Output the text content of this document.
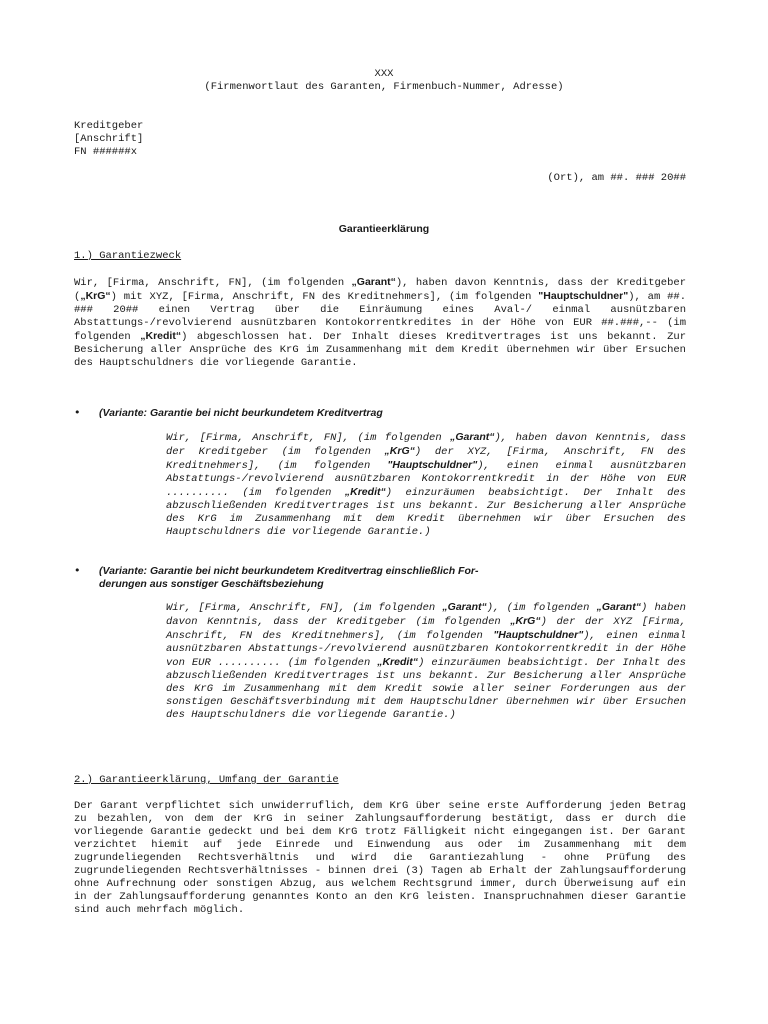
XXX
(Firmenwortlaut des Garanten, Firmenbuch-Nummer, Adresse)
Kreditgeber
[Anschrift]
FN ######x
(Ort), am ##. ### 20##
Garantieerklärung
1.) Garantiezweck
Wir, [Firma, Anschrift, FN], (im folgenden „Garant“), haben davon Kenntnis, dass der Kreditgeber („KrG“) mit XYZ, [Firma, Anschrift, FN des Kreditnehmers], (im folgenden "Hauptschuldner"), am ##. ### 20## einen Vertrag über die Einräumung eines Aval-/ einmal ausnützbaren Abstattungs-/revolvierend ausnützbaren Kontokorrentkredites in der Höhe von EUR ##.###,-- (im folgenden „Kredit“) abgeschlossen hat. Der Inhalt dieses Kreditvertrages ist uns bekannt. Zur Besicherung aller Ansprüche des KrG im Zusammenhang mit dem Kredit übernehmen wir über Ersuchen des Hauptschuldners die vorliegende Garantie.
• (Variante: Garantie bei nicht beurkundetem Kreditvertrag
Wir, [Firma, Anschrift, FN], (im folgenden „Garant“), haben davon Kenntnis, dass der Kreditgeber (im folgenden „KrG“) der XYZ, [Firma, Anschrift, FN des Kreditnehmers], (im folgenden "Hauptschuldner"), einen einmal ausnützbaren Abstattungs-/revolvierend ausnützbaren Kontokorrentkredit in der Höhe von EUR .......... (im folgenden „Kredit“) einzuräumen beabsichtigt. Der Inhalt des abzuschließenden Kreditvertrages ist uns bekannt. Zur Besicherung aller Ansprüche des KrG im Zusammenhang mit dem Kredit übernehmen wir über Ersuchen des Hauptschuldners die vorliegende Garantie.)
• (Variante: Garantie bei nicht beurkundetem Kreditvertrag einschließlich For-
derungen aus sonstiger Geschäftsbeziehung
Wir, [Firma, Anschrift, FN], (im folgenden „Garant“), (im folgenden „Garant“) haben davon Kenntnis, dass der Kreditgeber (im folgenden „KrG“) der der XYZ [Firma, Anschrift, FN des Kreditnehmers], (im folgenden "Hauptschuldner"), einen einmal ausnützbaren Abstattungs-/revolvierend ausnützbaren Kontokorrentkredit in der Höhe von EUR .......... (im folgenden „Kredit“) einzuräumen beabsichtigt. Der Inhalt des abzuschließenden Kreditvertrages ist uns bekannt. Zur Besicherung aller Ansprüche des KrG im Zusammenhang mit dem Kredit sowie aller seiner Forderungen aus der sonstigen Geschäftsverbindung mit dem Hauptschuldner übernehmen wir über Ersuchen des Hauptschuldners die vorliegende Garantie.)
2.) Garantieerklärung, Umfang der Garantie
Der Garant verpflichtet sich unwiderruflich, dem KrG über seine erste Aufforderung jeden Betrag zu bezahlen, von dem der KrG in seiner Zahlungsaufforderung bestätigt, dass er durch die vorliegende Garantie gedeckt und bei dem KrG trotz Fälligkeit nicht eingegangen ist. Der Garant verzichtet hiemit auf jede Einrede und Einwendung aus oder im Zusammenhang mit dem zugrundeliegenden Rechtsverhältnis und wird die Garantiezahlung - ohne Prüfung des zugrundeliegenden Rechtsverhältnisses - binnen drei (3) Tagen ab Erhalt der Zahlungsaufforderung ohne Aufrechnung oder sonstigen Abzug, aus welchem Rechtsgrund immer, durch Überweisung auf ein in der Zahlungsaufforderung genanntes Konto an den KrG leisten. Inanspruchnahmen dieser Garantie sind auch mehrfach möglich.
